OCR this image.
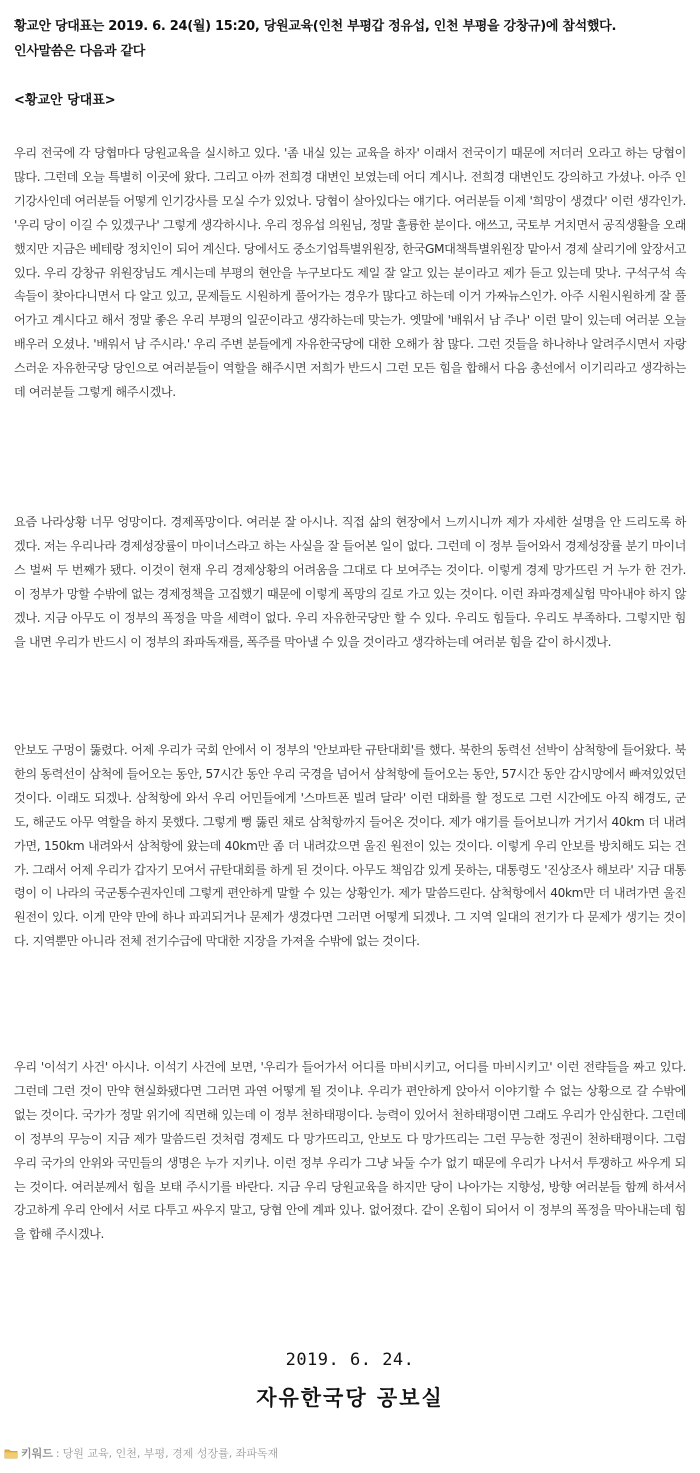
황교안 당대표는 2019. 6. 24(월) 15:20, 당원교육(인천 부평갑 정유섭, 인천 부평을 강창규)에 참석했다.
인사말씀은 다음과 같다
<황교안 당대표>

우리 전국에 각 당협마다 당원교육을 실시하고 있다. '좀 내실 있는 교육을 하자' 이래서 전국이기 때문에 저더러 오라고 하는 당협이 많다. 그런데 오늘 특별히 이곳에 왔다. 그리고 아까 전희경 대변인 보였는데 어디 계시나. 전희경 대변인도 강의하고 가셨나. 아주 인기강사인데 여러분들 어떻게 인기강사를 모실 수가 있었나. 당협이 살아있다는 얘기다. 여러분들 이제 '희망이 생겼다' 이런 생각인가. '우리 당이 이길 수 있겠구나' 그렇게 생각하시나. 우리 정유섭 의원님, 정말 훌륭한 분이다. 애쓰고, 국토부 거치면서 공직생활을 오래했지만 지금은 베테랑 정치인이 되어 계신다. 당에서도 중소기업특별위원장, 한국GM대책특별위원장 맡아서 경제 살리기에 앞장서고 있다. 우리 강창규 위원장님도 계시는데 부평의 현안을 누구보다도 제일 잘 알고 있는 분이라고 제가 듣고 있는데 맞나. 구석구석 속속들이 찾아다니면서 다 알고 있고, 문제들도 시원하게 풀어가는 경우가 많다고 하는데 이거 가짜뉴스인가. 아주 시원시원하게 잘 풀어가고 계시다고 해서 정말 좋은 우리 부평의 일꾼이라고 생각하는데 맞는가. 옛말에 '배워서 남 주나' 이런 말이 있는데 여러분 오늘 배우러 오셨나. '배워서 남 주시라.' 우리 주변 분들에게 자유한국당에 대한 오해가 참 많다. 그런 것들을 하나하나 알려주시면서 자랑스러운 자유한국당 당인으로 여러분들이 역할을 해주시면 저희가 반드시 그런 모든 힘을 합해서 다음 총선에서 이기리라고 생각하는데 여러분들 그렇게 해주시겠나.

요즘 나라상황 너무 엉망이다. 경제폭망이다. 여러분 잘 아시나. 직접 삶의 현장에서 느끼시니까 제가 자세한 설명을 안 드리도록 하겠다. 저는 우리나라 경제성장률이 마이너스라고 하는 사실을 잘 들어본 일이 없다. 그런데 이 정부 들어와서 경제성장률 분기 마이너스 벌써 두 번째가 됐다. 이것이 현재 우리 경제상황의 어려움을 그대로 다 보여주는 것이다. 이렇게 경제 망가뜨린 거 누가 한 건가. 이 정부가 망할 수밖에 없는 경제정책을 고집했기 때문에 이렇게 폭망의 길로 가고 있는 것이다. 이런 좌파경제실험 막아내야 하지 않겠나. 지금 아무도 이 정부의 폭정을 막을 세력이 없다. 우리 자유한국당만 할 수 있다. 우리도 힘들다. 우리도 부족하다. 그렇지만 힘을 내면 우리가 반드시 이 정부의 좌파독재를, 폭주를 막아낼 수 있을 것이라고 생각하는데 여러분 힘을 같이 하시겠나.

안보도 구멍이 뚫렸다. 어제 우리가 국회 안에서 이 정부의 '안보파탄 규탄대회'를 했다. 북한의 동력선 선박이 삼척항에 들어왔다. 북한의 동력선이 삼척에 들어오는 동안, 57시간 동안 우리 국경을 넘어서 삼척항에 들어오는 동안, 57시간 동안 감시망에서 빠져있었던 것이다. 이래도 되겠나. 삼척항에 와서 우리 어민들에게 '스마트폰 빌려 달라' 이런 대화를 할 정도로 그런 시간에도 아직 해경도, 군도, 해군도 아무 역할을 하지 못했다. 그렇게 뻥 뚫린 채로 삼척항까지 들어온 것이다. 제가 얘기를 들어보니까 거기서 40km 더 내려가면, 150km 내려와서 삼척항에 왔는데 40km만 좀 더 내려갔으면 울진 원전이 있는 것이다. 이렇게 우리 안보를 방치해도 되는 건가. 그래서 어제 우리가 갑자기 모여서 규탄대회를 하게 된 것이다. 아무도 책임감 있게 못하는, 대통령도 '진상조사 해보라' 지금 대통령이 이 나라의 국군통수권자인데 그렇게 편안하게 말할 수 있는 상황인가. 제가 말씀드린다. 삼척항에서 40km만 더 내려가면 울진 원전이 있다. 이게 만약 만에 하나 파괴되거나 문제가 생겼다면 그러면 어떻게 되겠나. 그 지역 일대의 전기가 다 문제가 생기는 것이다. 지역뿐만 아니라 전체 전기수급에 막대한 지장을 가져올 수밖에 없는 것이다.

우리 '이석기 사건' 아시나. 이석기 사건에 보면, '우리가 들어가서 어디를 마비시키고, 어디를 마비시키고' 이런 전략들을 짜고 있다. 그런데 그런 것이 만약 현실화됐다면 그러면 과연 어떻게 될 것이냐. 우리가 편안하게 앉아서 이야기할 수 없는 상황으로 갈 수밖에 없는 것이다. 국가가 정말 위기에 직면해 있는데 이 정부 천하태평이다. 능력이 있어서 천하태평이면 그래도 우리가 안심한다. 그런데 이 정부의 무능이 지금 제가 말씀드린 것처럼 경제도 다 망가뜨리고, 안보도 다 망가뜨리는 그런 무능한 정권이 천하태평이다. 그럼 우리 국가의 안위와 국민들의 생명은 누가 지키나. 이런 정부 우리가 그냥 놔둘 수가 없기 때문에 우리가 나서서 투쟁하고 싸우게 되는 것이다. 여러분께서 힘을 보태 주시기를 바란다. 지금 우리 당원교육을 하지만 당이 나아가는 지향성, 방향 여러분들 함께 하셔서 강고하게 우리 안에서 서로 다투고 싸우지 말고, 당협 안에 계파 있나. 없어졌다. 같이 온힘이 되어서 이 정부의 폭정을 막아내는데 힘을 합해 주시겠나.

2019. 6. 24.
자유한국당 공보실
키워드 : 당원 교육, 인천, 부평, 경제 성장률, 좌파독재
